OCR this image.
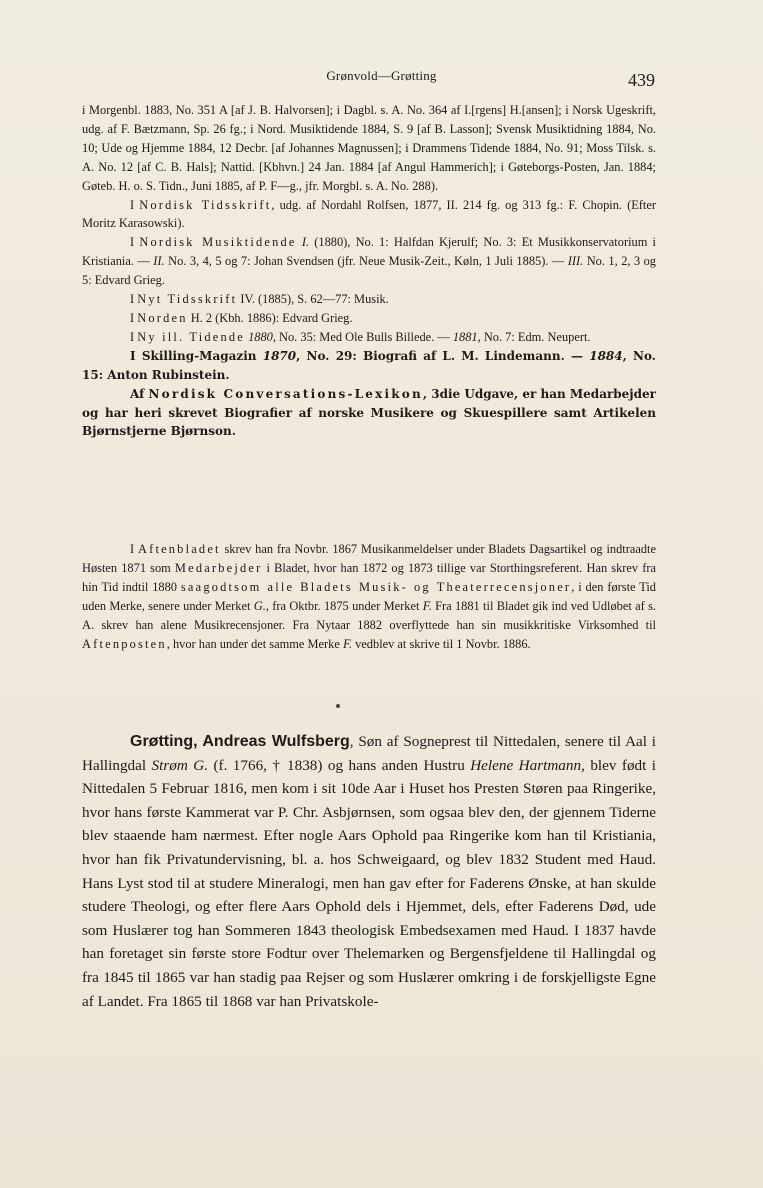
Grønvold—Grøtting	439

i Morgenbl. 1883, No. 351 A [af J. B. Halvorsen]; i Dagbl. s. A. No. 364 af I.[rgens] H.[ansen]; i Norsk Ugeskrift, udg. af F. Bætzmann, Sp. 26 fg.; i Nord. Musiktidende 1884, S. 9 [af B. Lasson]; Svensk Musiktidning 1884, No. 10; Ude og Hjemme 1884, 12 Decbr. [af Johannes Magnussen]; i Drammens Tidende 1884, No. 91; Moss Tilsk. s. A. No. 12 [af C. B. Hals]; Nattid. [Kbhvn.] 24 Jan. 1884 [af Angul Hammerich]; i Gøteborgs-Posten, Jan. 1884; Gøteb. H. o. S. Tidn., Juni 1885, af P. F—g., jfr. Morgbl. s. A. No. 288).

I Nordisk Tidsskrift, udg. af Nordahl Rolfsen, 1877, II. 214 fg. og 313 fg.: F. Chopin. (Efter Moritz Karasowski).

I Nordisk Musiktidende I. (1880), No. 1: Halfdan Kjerulf; No. 3: Et Musikkonservatorium i Kristiania. — II. No. 3, 4, 5 og 7: Johan Svendsen (jfr. Neue Musik-Zeit., Køln, 1 Juli 1885). — III. No. 1, 2, 3 og 5: Edvard Grieg.

I Nyt Tidsskrift IV. (1885), S. 62—77: Musik.

I Norden H. 2 (Kbh. 1886): Edvard Grieg.

I Ny ill. Tidende 1880, No. 35: Med Ole Bulls Billede. — 1881, No. 7: Edm. Neupert.

I Skilling-Magazin 1870, No. 29: Biografi af L. M. Lindemann. — 1884, No. 15: Anton Rubinstein.

Af Nordisk Conversations-Lexikon, 3die Udgave, er han Medarbejder og har heri skrevet Biografier af norske Musikere og Skuespillere samt Artikelen Bjørnstjerne Bjørnson.

I Aftenbladet skrev han fra Novbr. 1867 Musikanmeldelser under Bladets Dagsartikel og indtraadte Høsten 1871 som Medarbejder i Bladet, hvor han 1872 og 1873 tillige var Storthingsreferent. Han skrev fra hin Tid indtil 1880 saagodtsom alle Bladets Musik- og Theaterrecensjoner, i den første Tid uden Merke, senere under Merket G., fra Oktbr. 1875 under Merket F. Fra 1881 til Bladet gik ind ved Udløbet af s. A. skrev han alene Musikrecensjoner. Fra Nytaar 1882 overflyttede han sin musikkritiske Virksomhed til Aftenposten, hvor han under det samme Merke F. vedblev at skrive til 1 Novbr. 1886.

Grøtting, Andreas Wulfsberg, Søn af Sogneprest til Nittedalen, senere til Aal i Hallingdal Strøm G. (f. 1766, † 1838) og hans anden Hustru Helene Hartmann, blev født i Nittedalen 5 Februar 1816, men kom i sit 10de Aar i Huset hos Presten Støren paa Ringerike, hvor hans første Kammerat var P. Chr. Asbjørnsen, som ogsaa blev den, der gjennem Tiderne blev staaende ham nærmest. Efter nogle Aars Ophold paa Ringerike kom han til Kristiania, hvor han fik Privatundervisning, bl. a. hos Schweigaard, og blev 1832 Student med Haud. Hans Lyst stod til at studere Mineralogi, men han gav efter for Faderens Ønske, at han skulde studere Theologi, og efter flere Aars Ophold dels i Hjemmet, dels, efter Faderens Død, ude som Huslærer tog han Sommeren 1843 theologisk Embedsexamen med Haud. I 1837 havde han foretaget sin første store Fodtur over Thelemarken og Bergensfjeldene til Hallingdal og fra 1845 til 1865 var han stadig paa Rejser og som Huslærer omkring i de forskjelligste Egne af Landet. Fra 1865 til 1868 var han Privatskole-
